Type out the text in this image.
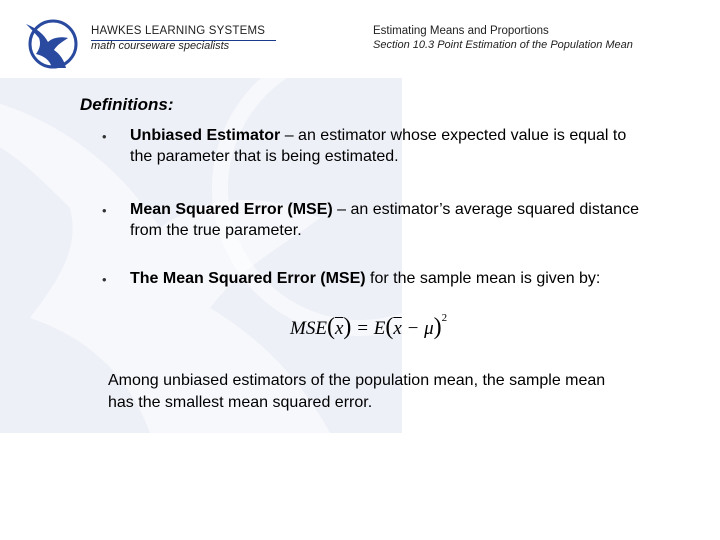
HAWKES LEARNING SYSTEMS
math courseware specialists
Estimating Means and Proportions
Section 10.3 Point Estimation of the Population Mean
Definitions:
• Unbiased Estimator – an estimator whose expected value is equal to the parameter that is being estimated.
• Mean Squared Error (MSE) – an estimator’s average squared distance from the true parameter.
• The Mean Squared Error (MSE) for the sample mean is given by:
$MSE(\overline{x}) = E(\overline{x} - \mu)^2$
Among unbiased estimators of the population mean, the sample mean has the smallest mean squared error.
